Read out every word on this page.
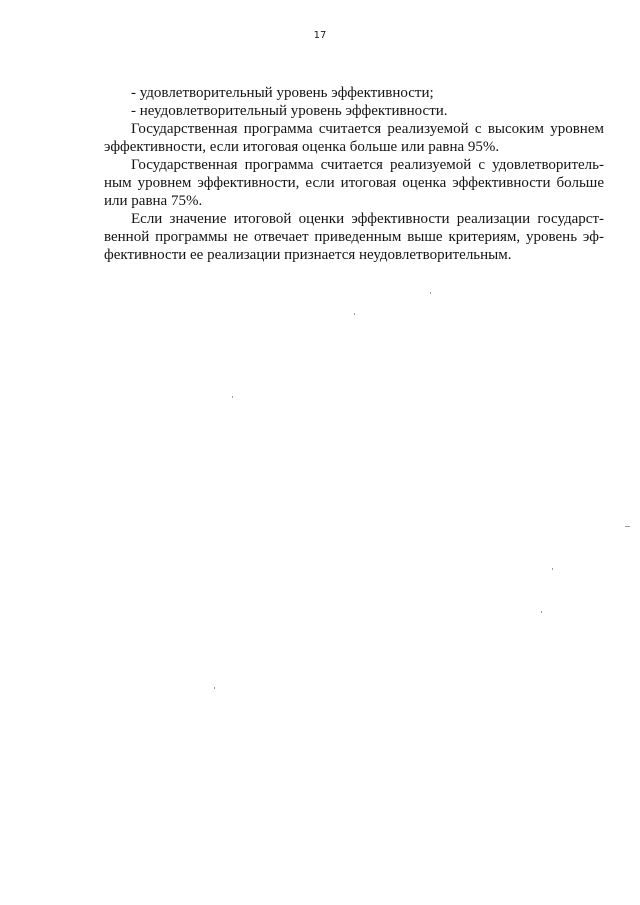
17
- удовлетворительный уровень эффективности;
- неудовлетворительный уровень эффективности.
Государственная программа считается реализуемой с высоким уровнем
эффективности, если итоговая оценка больше или равна 95%.
Государственная программа считается реализуемой с удовлетворитель-
ным уровнем эффективности, если итоговая оценка эффективности больше
или равна 75%.
Если значение итоговой оценки эффективности реализации государст-
венной программы не отвечает приведенным выше критериям, уровень эф-
фективности ее реализации признается неудовлетворительным.
